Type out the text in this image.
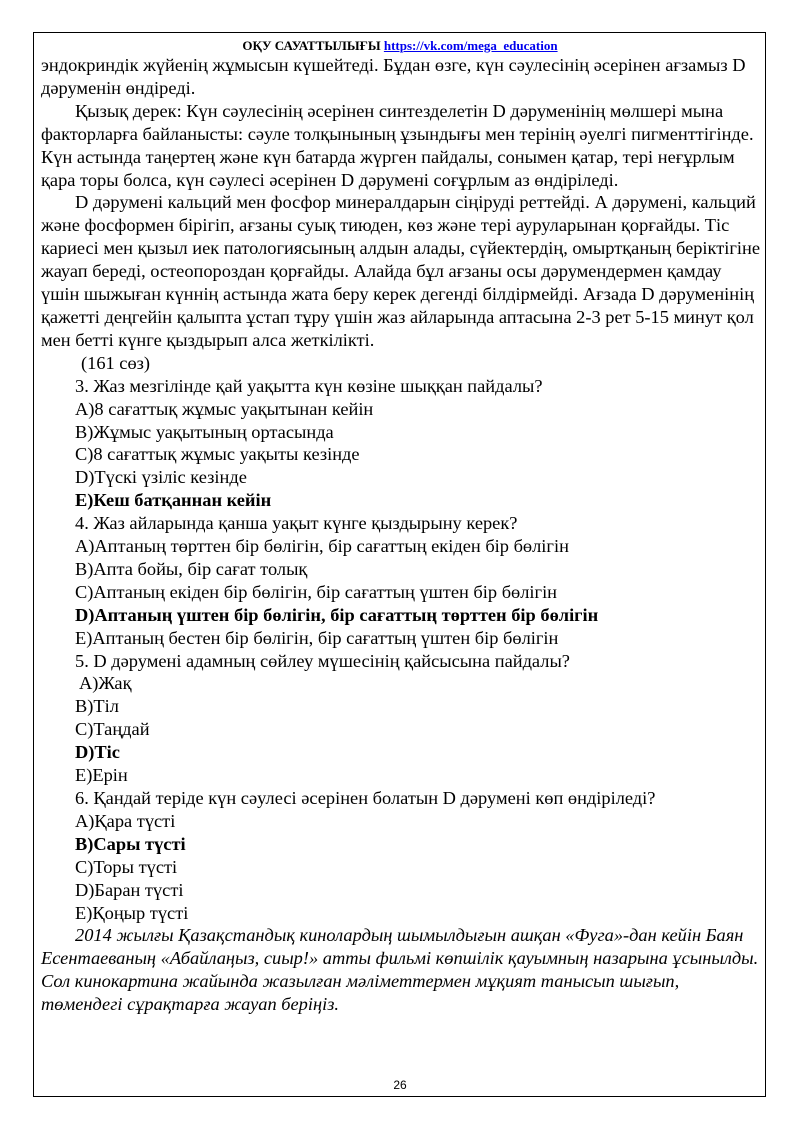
ОҚУ САУАТТЫЛЫҒЫ https://vk.com/mega_education

эндокриндік жүйенің жұмысын күшейтеді. Бұдан өзге, күн сәулесінің әсерінен ағзамыз D дәруменін өндіреді.

Қызық дерек: Күн сәулесінің әсерінен синтезделетін D дәруменінің мөлшері мына факторларға байланысты: сәуле толқынының ұзындығы мен терінің әуелгі пигменттігінде. Күн астында таңертең және күн батарда жүрген пайдалы, сонымен қатар, тері неғұрлым қара торы болса, күн сәулесі әсерінен D дәрумені соғұрлым аз өндіріледі.

D дәрумені кальций мен фосфор минералдарын сіңіруді реттейді. А дәрумені, кальций және фосформен бірігіп, ағзаны суық тиюден, көз және тері ауруларынан қорғайды. Тіс кариесі мен қызыл иек патологиясының алдын алады, сүйектердің, омыртқаның беріктігіне жауап береді, остеопороздан қорғайды. Алайда бұл ағзаны осы дәрумендермен қамдау үшін шыжыған күннің астында жата беру керек дегенді білдірмейді. Ағзада D дәруменінің қажетті деңгейін қалыпта ұстап тұру үшін жаз айларында аптасына 2-3 рет 5-15 минут қол мен бетті күнге қыздырып алса жеткілікті.

(161 сөз)

3. Жаз мезгілінде қай уақытта күн көзіне шыққан пайдалы?

A)8 сағаттық жұмыс уақытынан кейін

B)Жұмыс уақытының ортасында

C)8 сағаттық жұмыс уақыты кезінде

D)Түскі үзіліс кезінде

E)Кеш батқаннан кейін

4. Жаз айларында қанша уақыт күнге қыздырыну керек?

A)Аптаның төрттен бір бөлігін, бір сағаттың екіден бір бөлігін

B)Апта бойы, бір сағат толық

C)Аптаның екіден бір бөлігін, бір сағаттың үштен бір бөлігін

D)Аптаның үштен бір бөлігін, бір сағаттың төрттен бір бөлігін

E)Аптаның бестен бір бөлігін, бір сағаттың үштен бір бөлігін

5. D дәрумені адамның сөйлеу мүшесінің қайсысына пайдалы?

A)Жақ

B)Тіл

C)Таңдай

D)Тіс

E)Ерін

6. Қандай теріде күн сәулесі әсерінен болатын D дәрумені көп өндіріледі?

A)Қара түсті

B)Сары түсті

C)Торы түсті

D)Баран түсті

E)Қоңыр түсті

2014 жылғы Қазақстандық кинолардың шымылдығын ашқан «Фуга»-дан кейін Баян Есентаеваның «Абайлаңыз, сиыр!» атты фильмі көпшілік қауымның назарына ұсынылды. Сол кинокартина жайында жазылған мәліметтермен мұқият танысып шығып, төмендегі сұрақтарға жауап беріңіз.

26
